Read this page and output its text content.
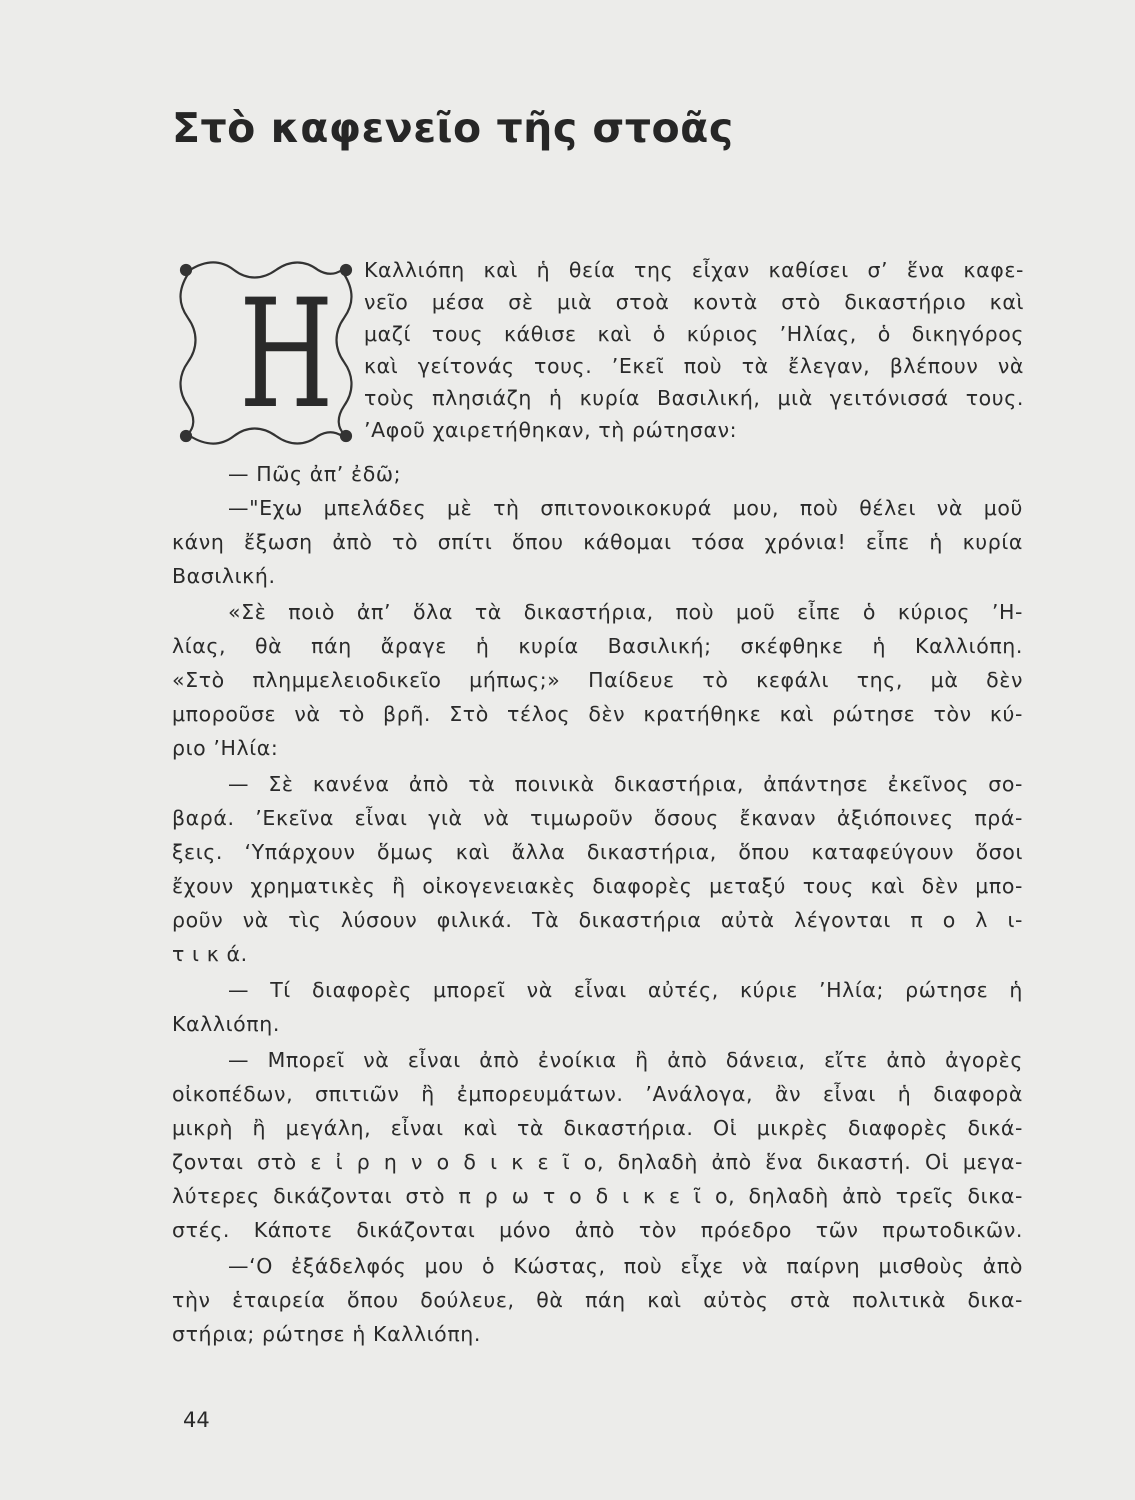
Στὸ καφενεῖο τῆς στοᾶς
Η Καλλιόπη καὶ ἡ θεία της εἶχαν καθίσει σ’ ἕνα καφε-
νεῖο μέσα σὲ μιὰ στοὰ κοντὰ στὸ δικαστήριο καὶ
μαζί τους κάθισε καὶ ὁ κύριος ’Ηλίας, ὁ δικηγόρος
καὶ γείτονάς τους. ’Εκεῖ ποὺ τὰ ἔλεγαν, βλέπουν νὰ
τοὺς πλησιάζη ἡ κυρία Βασιλική, μιὰ γειτόνισσά τους.
’Αφοῦ χαιρετήθηκαν, τὴ ρώτησαν:
— Πῶς ἀπ’ ἐδῶ;
—"Εχω μπελάδες μὲ τὴ σπιτονοικοκυρά μου, ποὺ θέλει νὰ μοῦ
κάνη ἔξωση ἀπὸ τὸ σπίτι ὅπου κάθομαι τόσα χρόνια! εἶπε ἡ κυρία
Βασιλική.
«Σὲ ποιὸ ἀπ’ ὅλα τὰ δικαστήρια, ποὺ μοῦ εἶπε ὁ κύριος ’Η-
λίας, θὰ πάη ἄραγε ἡ κυρία Βασιλική; σκέφθηκε ἡ Καλλιόπη.
«Στὸ πλημμελειοδικεῖο μήπως;» Παίδευε τὸ κεφάλι της, μὰ δὲν
μποροῦσε νὰ τὸ βρῆ. Στὸ τέλος δὲν κρατήθηκε καὶ ρώτησε τὸν κύ-
ριο ’Ηλία:
— Σὲ κανένα ἀπὸ τὰ ποινικὰ δικαστήρια, ἀπάντησε ἐκεῖνος σο-
βαρά. ’Εκεῖνα εἶναι γιὰ νὰ τιμωροῦν ὅσους ἔκαναν ἀξιόποινες πρά-
ξεις. ‘Υπάρχουν ὅμως καὶ ἄλλα δικαστήρια, ὅπου καταφεύγουν ὅσοι
ἔχουν χρηματικὲς ἢ οἰκογενειακὲς διαφορὲς μεταξύ τους καὶ δὲν μπο-
ροῦν νὰ τὶς λύσουν φιλικά. Τὰ δικαστήρια αὐτὰ λέγονται π ο λ ι-
τ ι κ ά.
— Τί διαφορὲς μπορεῖ νὰ εἶναι αὐτές, κύριε ’Ηλία; ρώτησε ἡ
Καλλιόπη.
— Μπορεῖ νὰ εἶναι ἀπὸ ἐνοίκια ἢ ἀπὸ δάνεια, εἴτε ἀπὸ ἀγορὲς
οἰκοπέδων, σπιτιῶν ἢ ἐμπορευμάτων. ’Ανάλογα, ἂν εἶναι ἡ διαφορὰ
μικρὴ ἢ μεγάλη, εἶναι καὶ τὰ δικαστήρια. Οἱ μικρὲς διαφορὲς δικά-
ζονται στὸ ε ἰ ρ η ν ο δ ι κ ε ῖ ο, δηλαδὴ ἀπὸ ἕνα δικαστή. Οἱ μεγα-
λύτερες δικάζονται στὸ π ρ ω τ ο δ ι κ ε ῖ ο, δηλαδὴ ἀπὸ τρεῖς δικα-
στές. Κάποτε δικάζονται μόνο ἀπὸ τὸν πρόεδρο τῶν πρωτοδικῶν.
—‘Ο ἐξάδελφός μου ὁ Κώστας, ποὺ εἶχε νὰ παίρνη μισθοὺς ἀπὸ
τὴν ἑταιρεία ὅπου δούλευε, θὰ πάη καὶ αὐτὸς στὰ πολιτικὰ δικα-
στήρια; ρώτησε ἡ Καλλιόπη.
44
